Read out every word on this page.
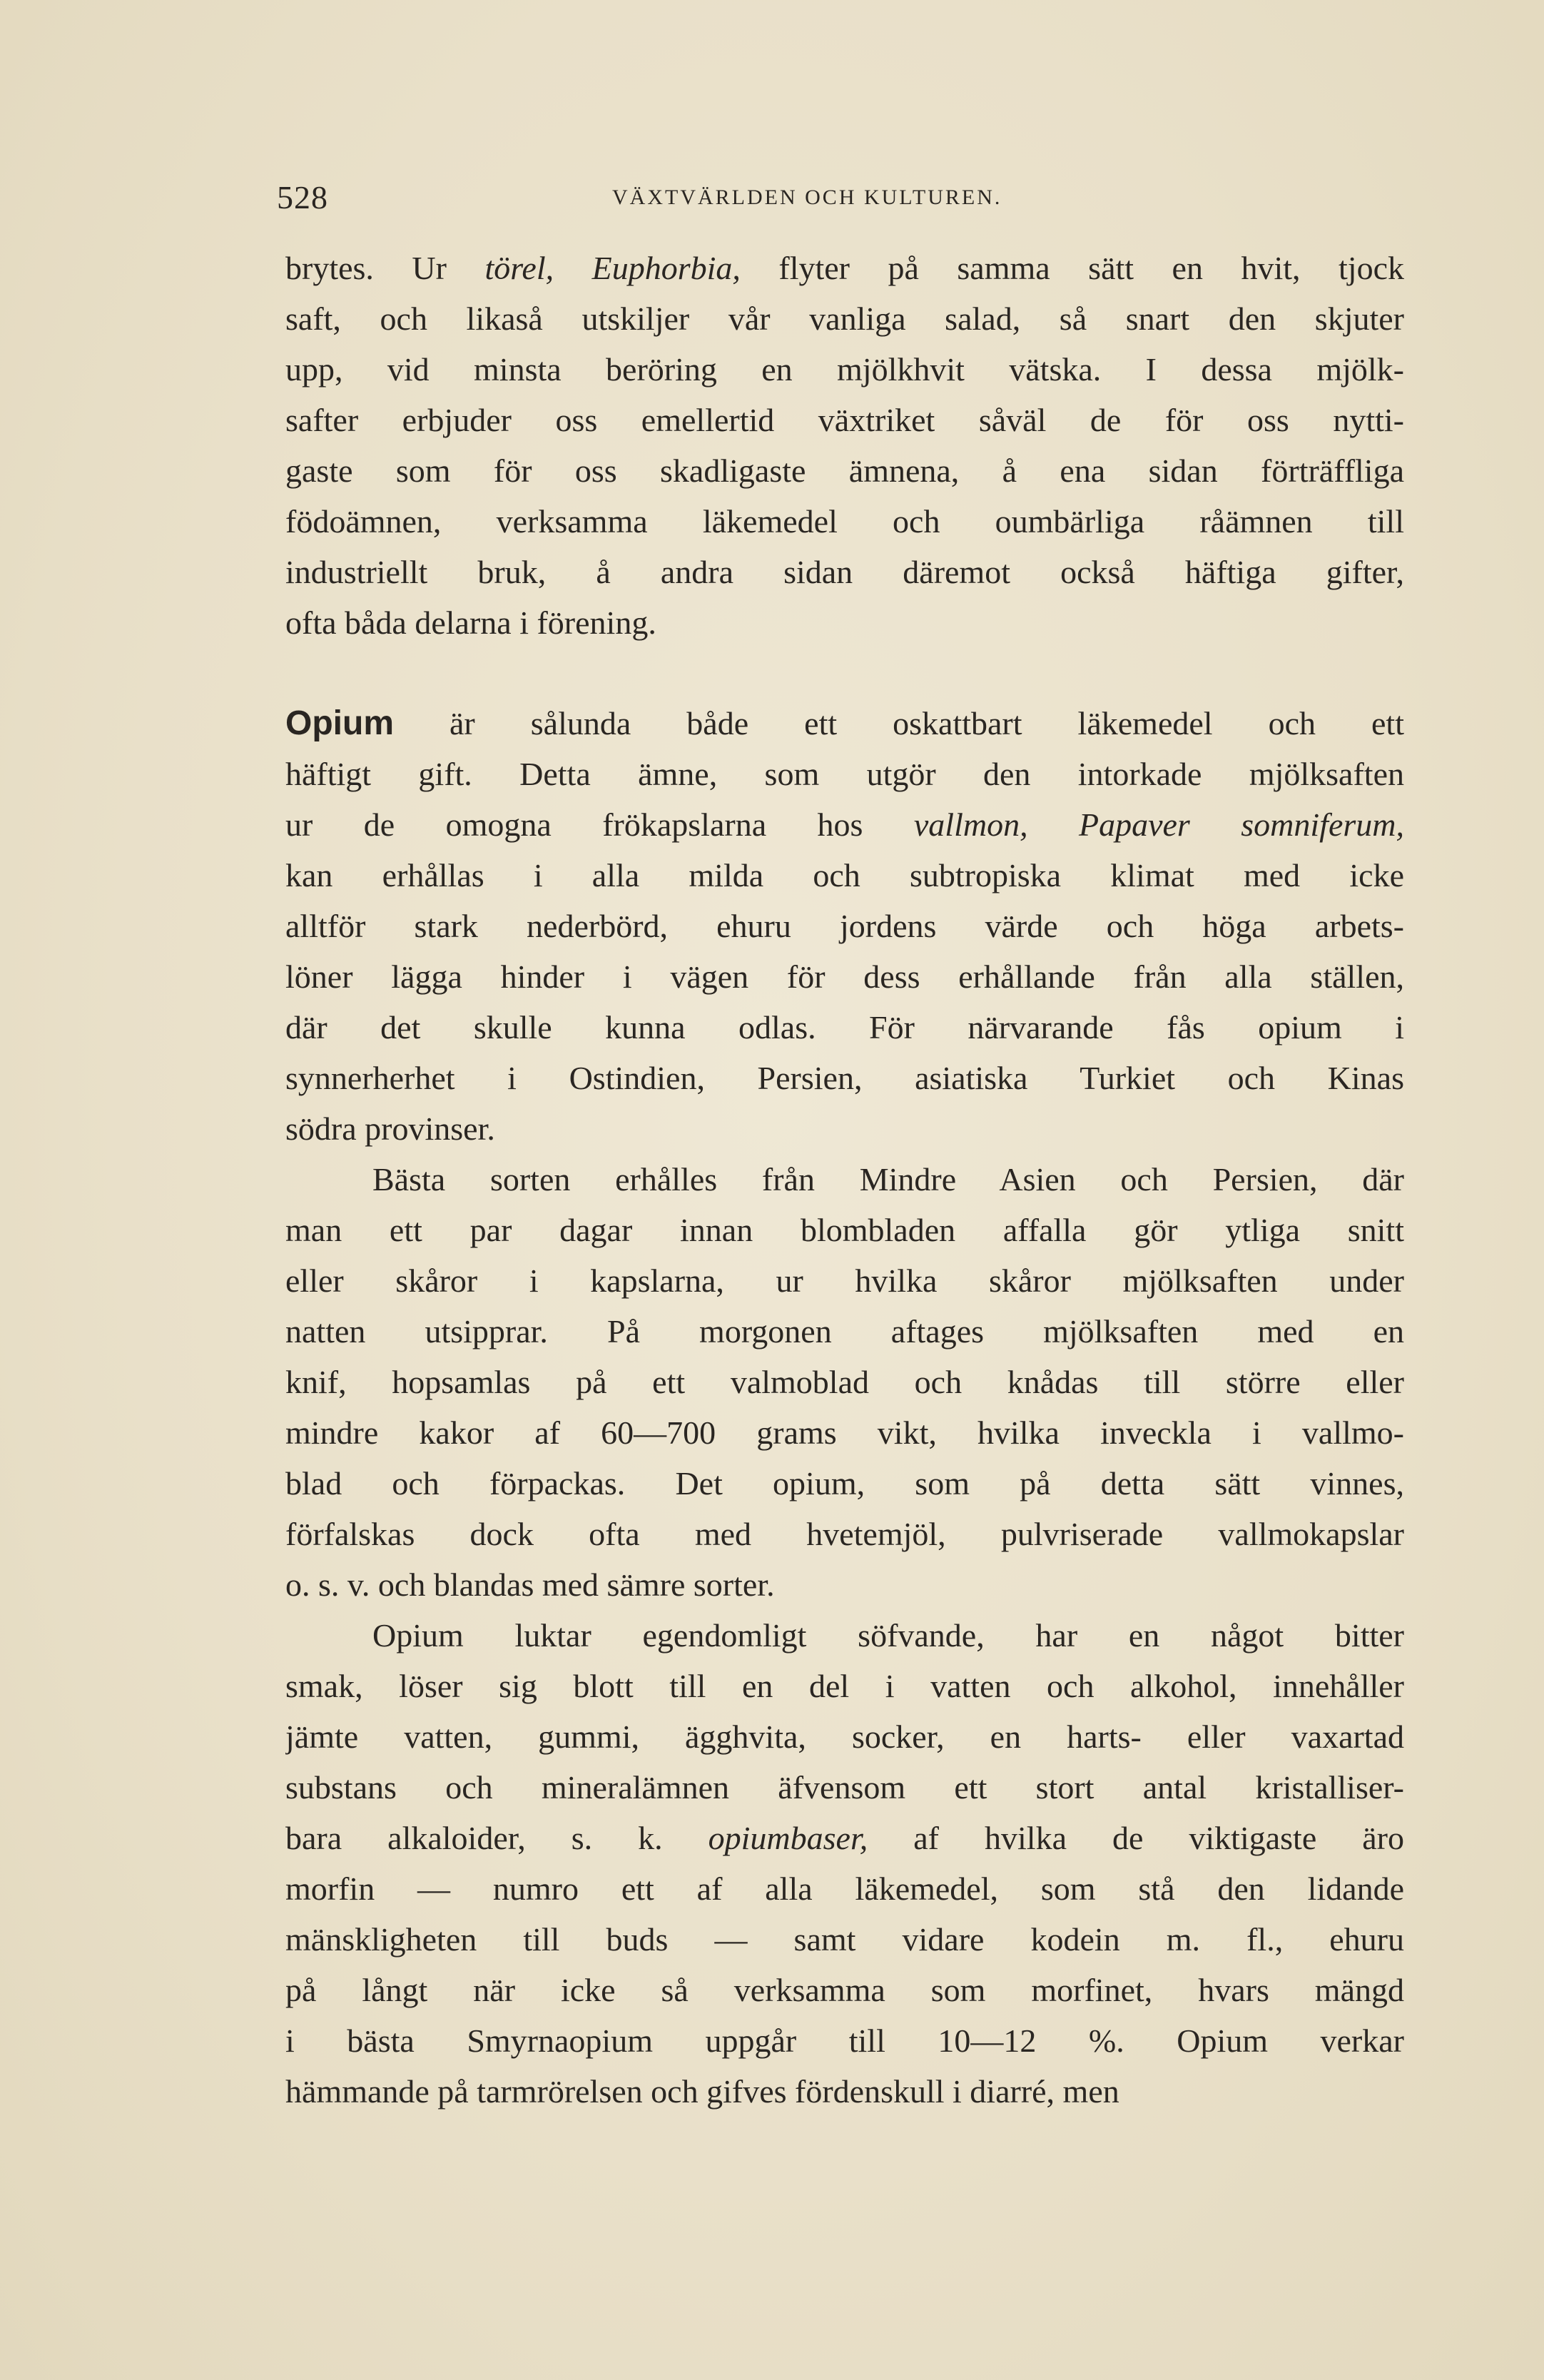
528	VÄXTVÄRLDEN OCH KULTUREN.
brytes. Ur törel, Euphorbia, flyter på samma sätt en hvit, tjock
saft, och likaså utskiljer vår vanliga salad, så snart den skjuter
upp, vid minsta beröring en mjölkhvit vätska. I dessa mjölk-
safter erbjuder oss emellertid växtriket såväl de för oss nytti-
gaste som för oss skadligaste ämnena, å ena sidan förträffliga
födoämnen, verksamma läkemedel och oumbärliga råämnen till
industriellt bruk, å andra sidan däremot också häftiga gifter,
ofta båda delarna i förening.
Opium är sålunda både ett oskattbart läkemedel och ett
häftigt gift. Detta ämne, som utgör den intorkade mjölksaften
ur de omogna frökapslarna hos vallmon, Papaver somniferum,
kan erhållas i alla milda och subtropiska klimat med icke
alltför stark nederbörd, ehuru jordens värde och höga arbets-
löner lägga hinder i vägen för dess erhållande från alla ställen,
där det skulle kunna odlas. För närvarande fås opium i
synnerherhet i Ostindien, Persien, asiatiska Turkiet och Kinas
södra provinser.
Bästa sorten erhålles från Mindre Asien och Persien, där
man ett par dagar innan blombladen affalla gör ytliga snitt
eller skåror i kapslarna, ur hvilka skåror mjölksaften under
natten utsipprar. På morgonen aftages mjölksaften med en
knif, hopsamlas på ett valmoblad och knådas till större eller
mindre kakor af 60—700 grams vikt, hvilka inveckla i vallmo-
blad och förpackas. Det opium, som på detta sätt vinnes,
förfalskas dock ofta med hvetemjöl, pulvriserade vallmokapslar
o. s. v. och blandas med sämre sorter.
Opium luktar egendomligt söfvande, har en något bitter
smak, löser sig blott till en del i vatten och alkohol, innehåller
jämte vatten, gummi, ägghvita, socker, en harts- eller vaxartad
substans och mineralämnen äfvensom ett stort antal kristalliser-
bara alkaloider, s. k. opiumbaser, af hvilka de viktigaste äro
morfin — numro ett af alla läkemedel, som stå den lidande
mänskligheten till buds — samt vidare kodein m. fl., ehuru
på långt när icke så verksamma som morfinet, hvars mängd
i bästa Smyrnaopium uppgår till 10—12 %. Opium verkar
hämmande på tarmrörelsen och gifves fördenskull i diarré, men
